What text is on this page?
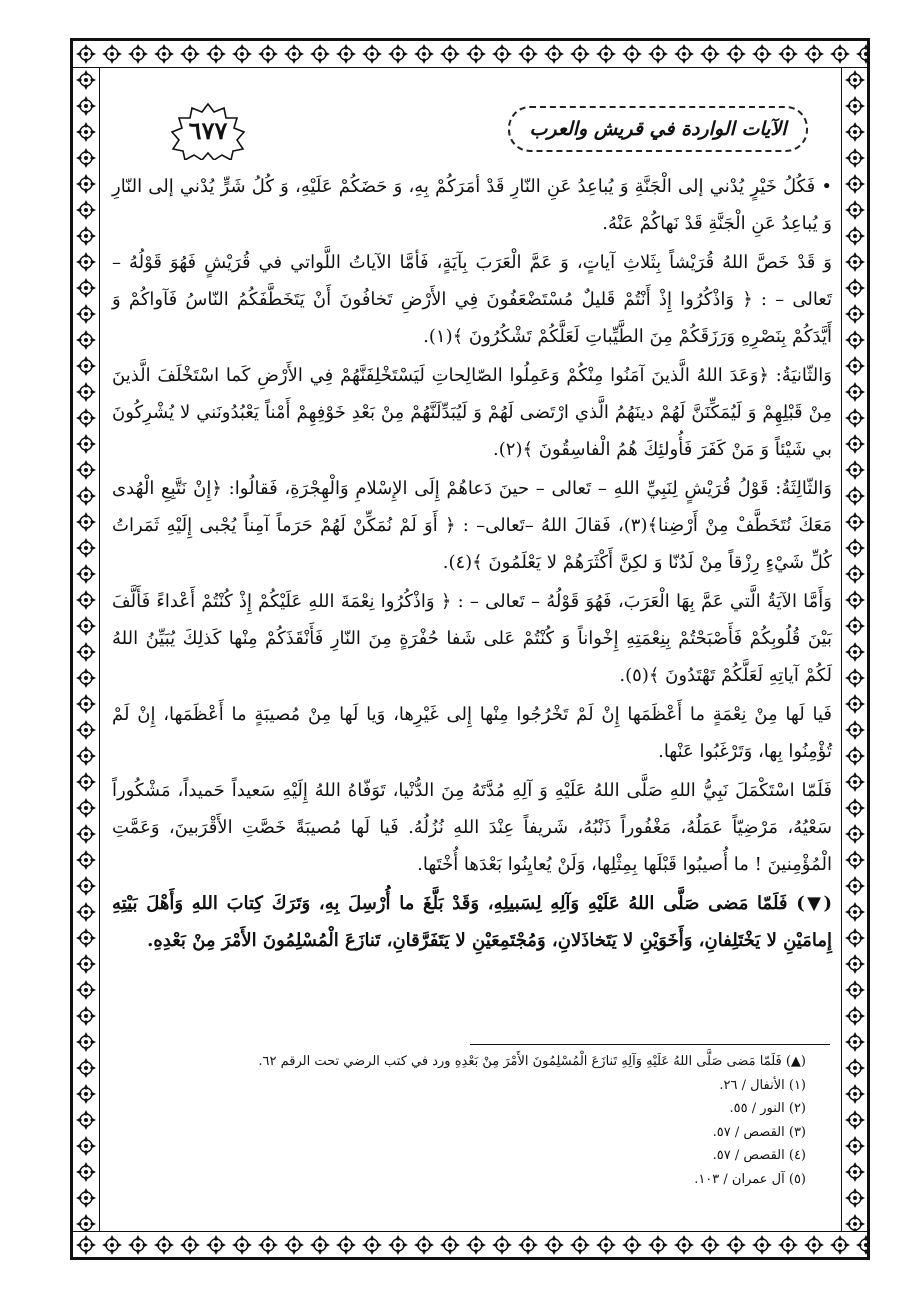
الآيات الواردة في قريش والعرب
٦٧٧

• فَكُلُ خَيْرٍ يُدْني إلى الْجَنَّةِ وَ يُباعِدُ عَنِ النّارِ قَدْ أمَرَكُمْ بِهِ، وَ حَضَكُمْ عَلَيْهِ، وَ كُلُ شَرٍّ يُدْني إلى النّارِ وَ يُباعِدُ عَنِ الْجَنَّةِ قَدْ نَهاكُمْ عَنْهُ.

وَ قَدْ خَصَّ اللهُ قُرَيْشاً بِثَلاثِ آياتٍ، وَ عَمَّ الْعَرَبَ بِآيَةٍ، فَأمَّا الآياتُ اللَّواتي في قُرَيْشٍ فَهُوَ قَوْلُهُ – تَعالى – : ﴿ وَاذْكُرُوا إِذْ أَنْتُمْ قَليلٌ مُسْتَضْعَفُونَ فِي الأَرْضِ تَخافُونَ أَنْ يَتَخَطَّفَكُمُ النّاسُ فَآواكُمْ وَ أَيَّدَكُمْ بِنَصْرِهِ وَرَزَقَكُمْ مِنَ الطَّيِّباتِ لَعَلَّكُمْ تَشْكُرُونَ ﴾(١).

وَالثّانيَةُ: ﴿وَعَدَ اللهُ الَّذينَ آمَنُوا مِنْكُمْ وَعَمِلُوا الصّالِحاتِ لَيَسْتَخْلِفَنَّهُمْ فِي الأَرْضِ كَما اسْتَخْلَفَ الَّذينَ مِنْ قَبْلِهِمْ وَ لَيُمَكِّنَنَّ لَهُمْ دينَهُمُ الَّذي ارْتَضى لَهُمْ وَ لَيُبَدِّلَنَّهُمْ مِنْ بَعْدِ خَوْفِهِمْ أَمْناً يَعْبُدُونَني لا يُشْرِكُونَ بي شَيْئاً وَ مَنْ كَفَرَ فَأُولئِكَ هُمُ الْفاسِقُونَ ﴾(٢).

وَالثّالِثَةُ: قَوْلُ قُرَيْشٍ لِنَبِيِّ اللهِ – تَعالى – حينَ دَعاهُمْ إِلَى الإِسْلامِ وَالْهِجْرَةِ، فَقالُوا: ﴿إِنْ نَتَّبِعِ الْهُدى مَعَكَ نُتَخَطَّفْ مِنْ أَرْضِنا﴾(٣)، فَقالَ اللهُ –تَعالى– : ﴿ أَوَ لَمْ نُمَكِّنْ لَهُمْ حَرَماً آمِناً يُجْبى إِلَيْهِ ثَمَراتُ كُلِّ شَيْءٍ رِزْقاً مِنْ لَدُنّا وَ لكِنَّ أَكْثَرَهُمْ لا يَعْلَمُونَ ﴾(٤).

وَأَمَّا الآيَةُ الَّتي عَمَّ بِهَا الْعَرَبَ، فَهُوَ قَوْلُهُ – تَعالى – : ﴿ وَاذْكُرُوا نِعْمَةَ اللهِ عَلَيْكُمْ إِذْ كُنْتُمْ أَعْداءً فَأَلَّفَ بَيْنَ قُلُوبِكُمْ فَأَصْبَحْتُمْ بِنِعْمَتِهِ إِخْواناً وَ كُنْتُمْ عَلى شَفا حُفْرَةٍ مِنَ النّارِ فَأَنْقَذَكُمْ مِنْها كَذلِكَ يُبَيِّنُ اللهُ لَكُمْ آياتِهِ لَعَلَّكُمْ تَهْتَدُونَ ﴾(٥).

فَيا لَها مِنْ نِعْمَةٍ ما أَعْظَمَها إِنْ لَمْ تَخْرُجُوا مِنْها إِلى غَيْرِها، وَيا لَها مِنْ مُصيبَةٍ ما أَعْظَمَها، إِنْ لَمْ تُؤْمِنُوا بِها، وَتَرْغَبُوا عَنْها.

فَلَمّا اسْتَكْمَلَ نَبِيُّ اللهِ صَلَّى اللهُ عَلَيْهِ وَ آلِهِ مُدَّتَهُ مِنَ الدُّنْيا، تَوَفّاهُ اللهُ إِلَيْهِ سَعيداً حَميداً، مَشْكُوراً سَعْيُهُ، مَرْضِيّاً عَمَلُهُ، مَغْفُوراً ذَنْبُهُ، شَريفاً عِنْدَ اللهِ نُزُلُهُ. فَيا لَها مُصيبَةً خَصَّتِ الأَقْرَبينَ، وَعَمَّتِ الْمُؤْمِنينَ ! ما أُصيبُوا قَبْلَها بِمِثْلِها، وَلَنْ يُعايِنُوا بَعْدَها أُخْتَها.

(▼) فَلَمّا مَضى صَلَّى اللهُ عَلَيْهِ وَآلِهِ لِسَبيلِهِ، وَقَدْ بَلَّغَ ما أُرْسِلَ بِهِ، وَتَرَكَ كِتابَ اللهِ وَأَهْلَ بَيْتِهِ إِمامَيْنِ لا يَخْتَلِفانِ، وَأَخَوَيْنِ لا يَتَخاذَلانِ، وَمُجْتَمِعَيْنِ لا يَتَفَرَّقانِ، تَنازَعَ الْمُسْلِمُونَ الأَمْرَ مِنْ بَعْدِهِ.

(▲) فَلَمّا مَضى صَلَّى اللهُ عَلَيْهِ وَآلِهِ تَنازَعَ الْمُسْلِمُونَ الأَمْرَ مِنْ بَعْدِهِ ورد في كتب الرضي تحت الرقم ٦٢.
(١) الأنفال / ٢٦.
(٢) النور / ٥٥.
(٣) القصص / ٥٧.
(٤) القصص / ٥٧.
(٥) آل عمران / ١٠٣.
